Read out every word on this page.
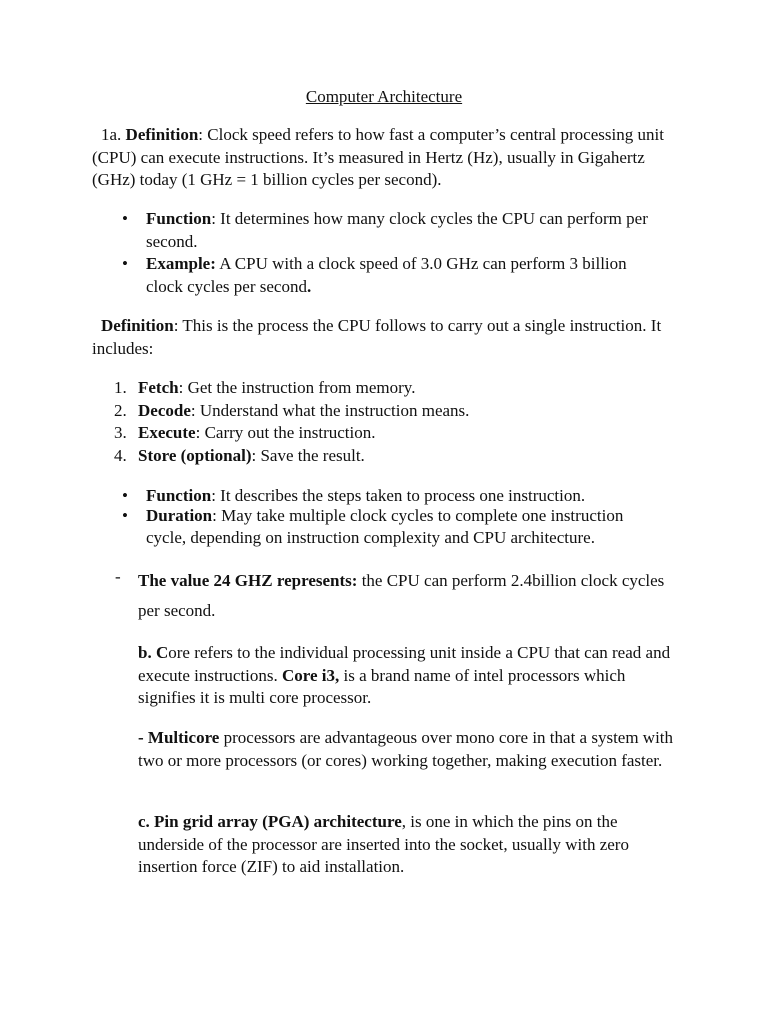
Computer Architecture

1a. Definition: Clock speed refers to how fast a computer’s central processing unit (CPU) can execute instructions. It’s measured in Hertz (Hz), usually in Gigahertz (GHz) today (1 GHz = 1 billion cycles per second).

• Function: It determines how many clock cycles the CPU can perform per second.
• Example: A CPU with a clock speed of 3.0 GHz can perform 3 billion clock cycles per second.

Definition: This is the process the CPU follows to carry out a single instruction. It includes:

1. Fetch: Get the instruction from memory.
2. Decode: Understand what the instruction means.
3. Execute: Carry out the instruction.
4. Store (optional): Save the result.
• Function: It describes the steps taken to process one instruction.
• Duration: May take multiple clock cycles to complete one instruction cycle, depending on instruction complexity and CPU architecture.
- The value 24 GHZ represents: the CPU can perform 2.4billion clock cycles per second.

b. Core refers to the individual processing unit inside a CPU that can read and execute instructions. Core i3, is a brand name of intel processors which signifies it is multi core processor.

- Multicore processors are advantageous over mono core in that a system with two or more processors (or cores) working together, making execution faster.

c. Pin grid array (PGA) architecture, is one in which the pins on the underside of the processor are inserted into the socket, usually with zero insertion force (ZIF) to aid installation.
